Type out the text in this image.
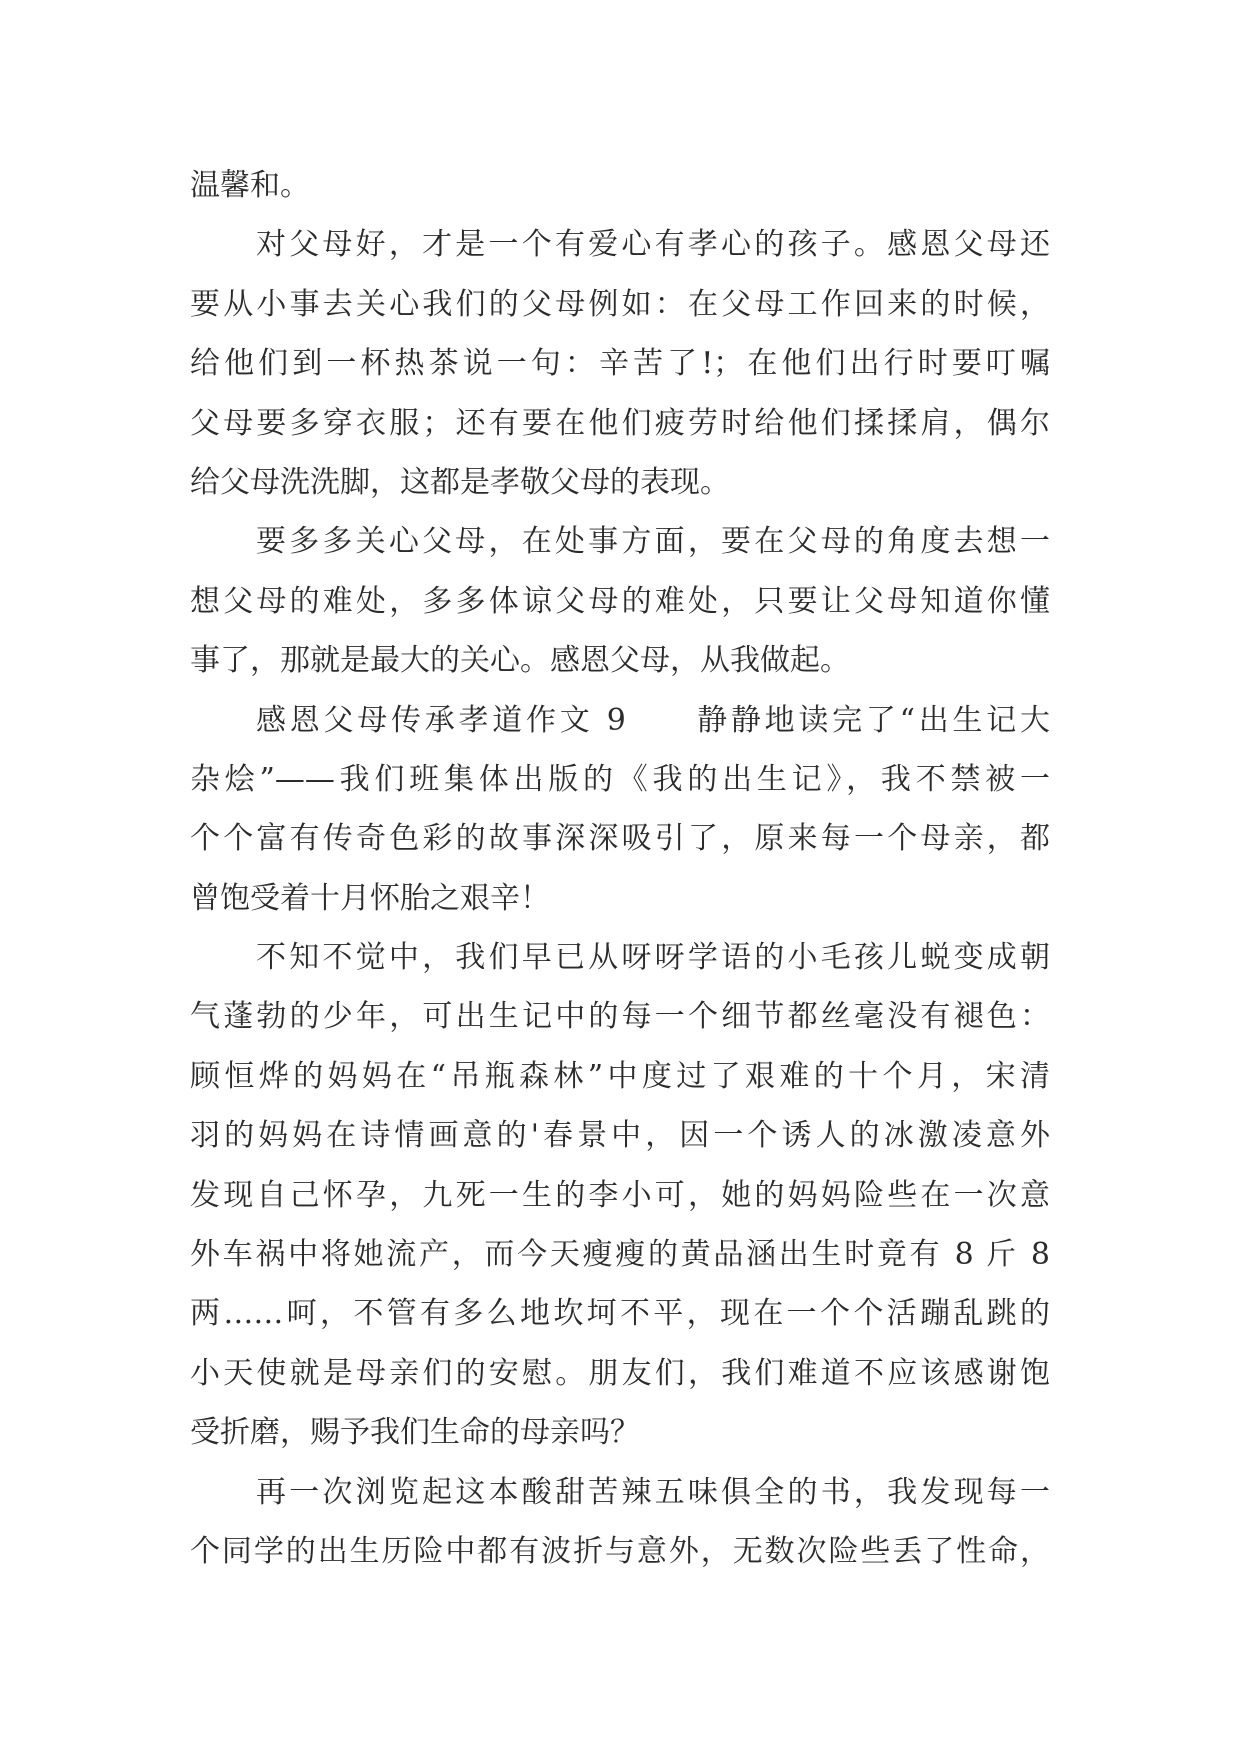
温馨和。
对父母好，才是一个有爱心有孝心的孩子。感恩父母还
要从小事去关心我们的父母例如：在父母工作回来的时候，
给他们到一杯热茶说一句：辛苦了!；在他们出行时要叮嘱
父母要多穿衣服；还有要在他们疲劳时给他们揉揉肩，偶尔
给父母洗洗脚，这都是孝敬父母的表现。
要多多关心父母，在处事方面，要在父母的角度去想一
想父母的难处，多多体谅父母的难处，只要让父母知道你懂
事了，那就是最大的关心。感恩父母，从我做起。
感恩父母传承孝道作文 9　　静静地读完了“出生记大
杂烩”——我们班集体出版的《我的出生记》，我不禁被一
个个富有传奇色彩的故事深深吸引了，原来每一个母亲，都
曾饱受着十月怀胎之艰辛！
不知不觉中，我们早已从呀呀学语的小毛孩儿蜕变成朝
气蓬勃的少年，可出生记中的每一个细节都丝毫没有褪色：
顾恒烨的妈妈在“吊瓶森林”中度过了艰难的十个月，宋清
羽的妈妈在诗情画意的'春景中，因一个诱人的冰激凌意外
发现自己怀孕，九死一生的李小可，她的妈妈险些在一次意
外车祸中将她流产，而今天瘦瘦的黄品涵出生时竟有 8 斤 8
两……呵，不管有多么地坎坷不平，现在一个个活蹦乱跳的
小天使就是母亲们的安慰。朋友们，我们难道不应该感谢饱
受折磨，赐予我们生命的母亲吗？
再一次浏览起这本酸甜苦辣五味俱全的书，我发现每一
个同学的出生历险中都有波折与意外，无数次险些丢了性命，
